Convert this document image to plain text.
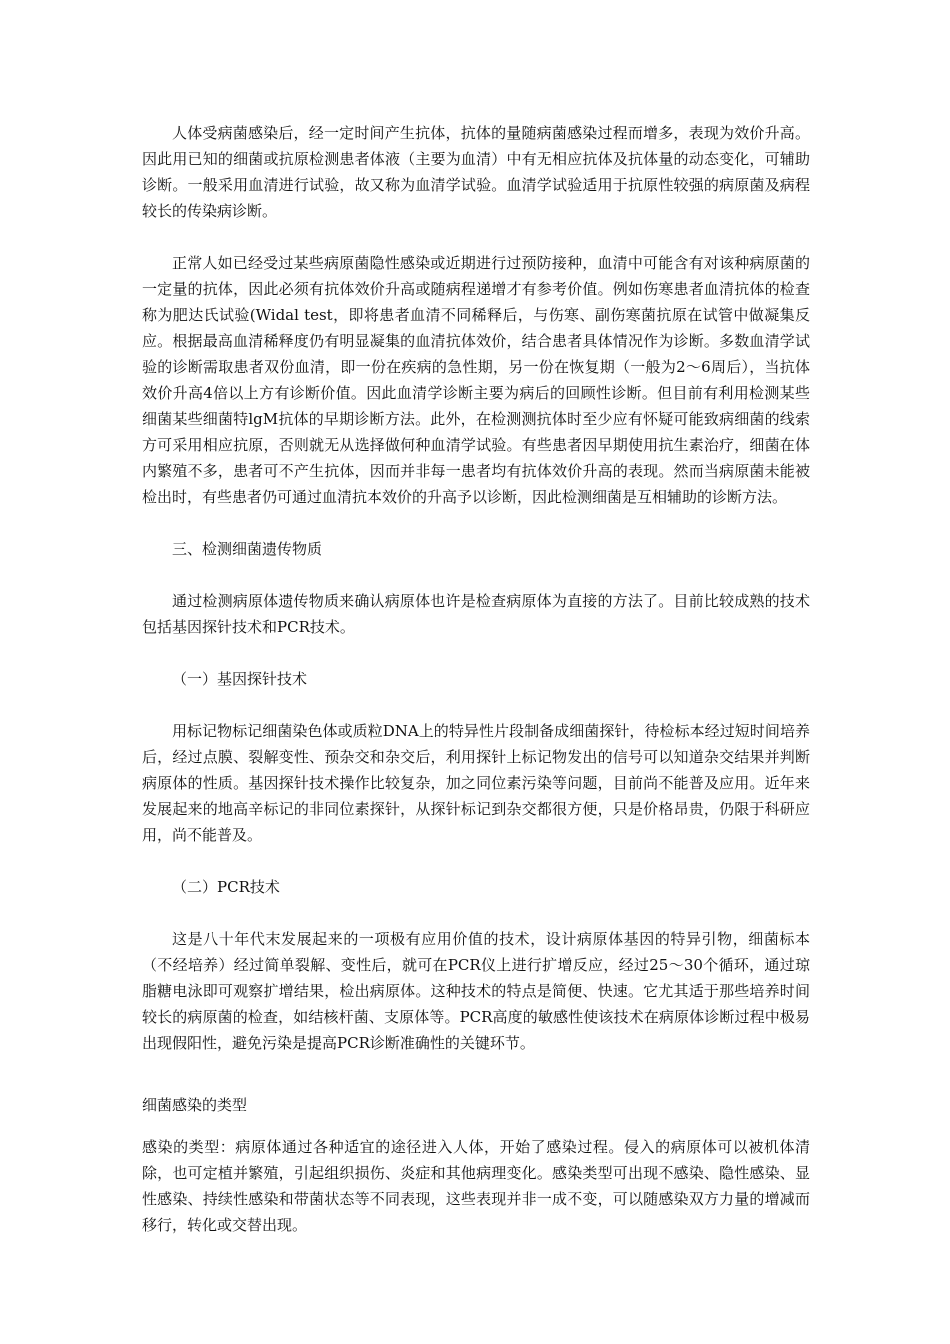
人体受病菌感染后，经一定时间产生抗体，抗体的量随病菌感染过程而增多，表现为效价升高。因此用已知的细菌或抗原检测患者体液（主要为血清）中有无相应抗体及抗体量的动态变化，可辅助诊断。一般采用血清进行试验，故又称为血清学试验。血清学试验适用于抗原性较强的病原菌及病程较长的传染病诊断。

正常人如已经受过某些病原菌隐性感染或近期进行过预防接种，血清中可能含有对该种病原菌的一定量的抗体，因此必须有抗体效价升高或随病程递增才有参考价值。例如伤寒患者血清抗体的检查称为肥达氏试验(Widal test，即将患者血清不同稀释后，与伤寒、副伤寒菌抗原在试管中做凝集反应。根据最高血清稀释度仍有明显凝集的血清抗体效价，结合患者具体情况作为诊断。多数血清学试验的诊断需取患者双份血清，即一份在疾病的急性期，另一份在恢复期（一般为2～6周后），当抗体效价升高4倍以上方有诊断价值。因此血清学诊断主要为病后的回顾性诊断。但目前有利用检测某些细菌某些细菌特lgM抗体的早期诊断方法。此外，在检测测抗体时至少应有怀疑可能致病细菌的线索方可采用相应抗原，否则就无从选择做何种血清学试验。有些患者因早期使用抗生素治疗，细菌在体内繁殖不多，患者可不产生抗体，因而并非每一患者均有抗体效价升高的表现。然而当病原菌未能被检出时，有些患者仍可通过血清抗本效价的升高予以诊断，因此检测细菌是互相辅助的诊断方法。

三、检测细菌遗传物质

通过检测病原体遗传物质来确认病原体也许是检查病原体为直接的方法了。目前比较成熟的技术包括基因探针技术和PCR技术。

（一）基因探针技术

用标记物标记细菌染色体或质粒DNA上的特异性片段制备成细菌探针，待检标本经过短时间培养后，经过点膜、裂解变性、预杂交和杂交后，利用探针上标记物发出的信号可以知道杂交结果并判断病原体的性质。基因探针技术操作比较复杂，加之同位素污染等问题，目前尚不能普及应用。近年来发展起来的地高辛标记的非同位素探针，从探针标记到杂交都很方便，只是价格昂贵，仍限于科研应用，尚不能普及。

（二）PCR技术

这是八十年代末发展起来的一项极有应用价值的技术，设计病原体基因的特异引物，细菌标本（不经培养）经过简单裂解、变性后，就可在PCR仪上进行扩增反应，经过25～30个循环，通过琼脂糖电泳即可观察扩增结果，检出病原体。这种技术的特点是简便、快速。它尤其适于那些培养时间较长的病原菌的检查，如结核杆菌、支原体等。PCR高度的敏感性使该技术在病原体诊断过程中极易出现假阳性，避免污染是提高PCR诊断准确性的关键环节。

细菌感染的类型

感染的类型：病原体通过各种适宜的途径进入人体，开始了感染过程。侵入的病原体可以被机体清除，也可定植并繁殖，引起组织损伤、炎症和其他病理变化。感染类型可出现不感染、隐性感染、显性感染、持续性感染和带菌状态等不同表现，这些表现并非一成不变，可以随感染双方力量的增减而移行，转化或交替出现。
